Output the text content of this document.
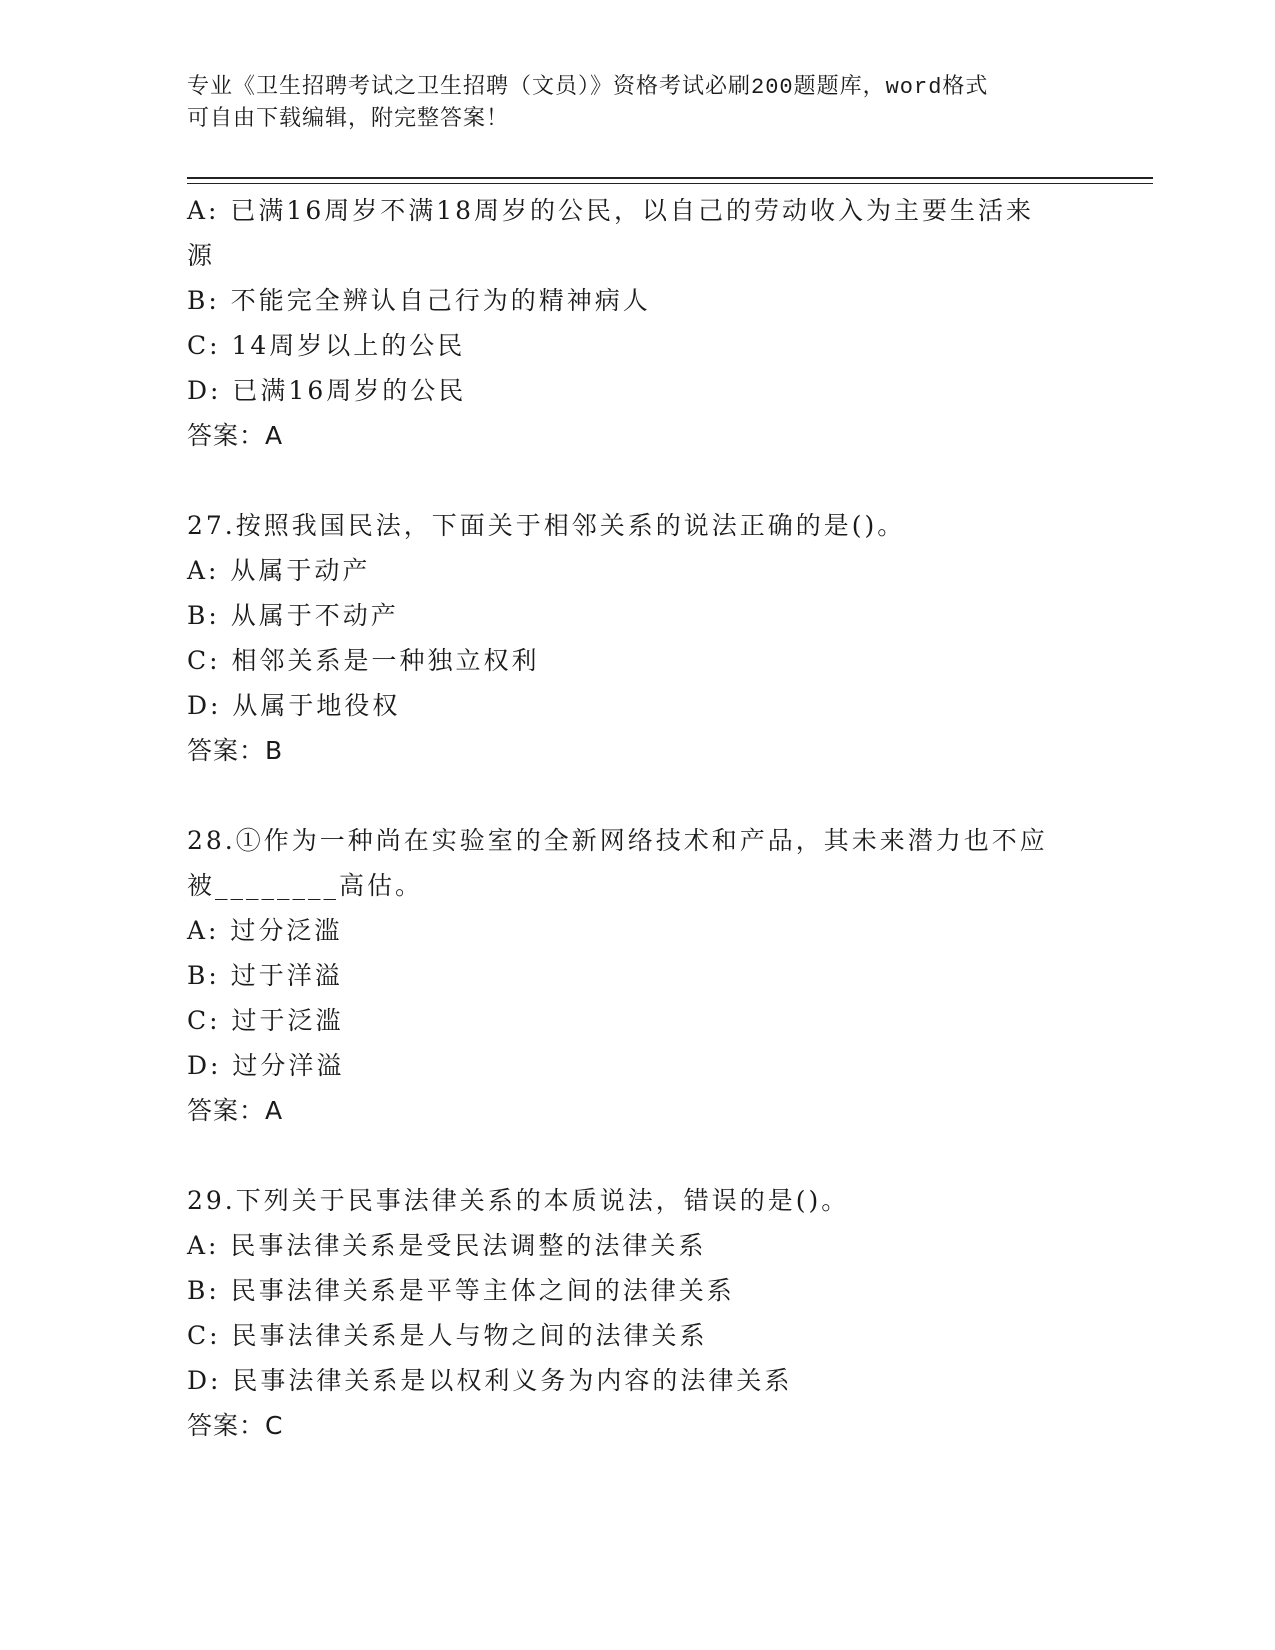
专业《卫生招聘考试之卫生招聘（文员）》资格考试必刷200题题库，word格式
可自由下载编辑，附完整答案！
A: 已满16周岁不满18周岁的公民，以自己的劳动收入为主要生活来
源
B: 不能完全辨认自己行为的精神病人
C: 14周岁以上的公民
D: 已满16周岁的公民
答案：A
27.按照我国民法，下面关于相邻关系的说法正确的是()。
A: 从属于动产
B: 从属于不动产
C: 相邻关系是一种独立权利
D: 从属于地役权
答案：B
28.①作为一种尚在实验室的全新网络技术和产品，其未来潜力也不应
被________高估。
A: 过分泛滥
B: 过于洋溢
C: 过于泛滥
D: 过分洋溢
答案：A
29.下列关于民事法律关系的本质说法，错误的是()。
A: 民事法律关系是受民法调整的法律关系
B: 民事法律关系是平等主体之间的法律关系
C: 民事法律关系是人与物之间的法律关系
D: 民事法律关系是以权利义务为内容的法律关系
答案：C
